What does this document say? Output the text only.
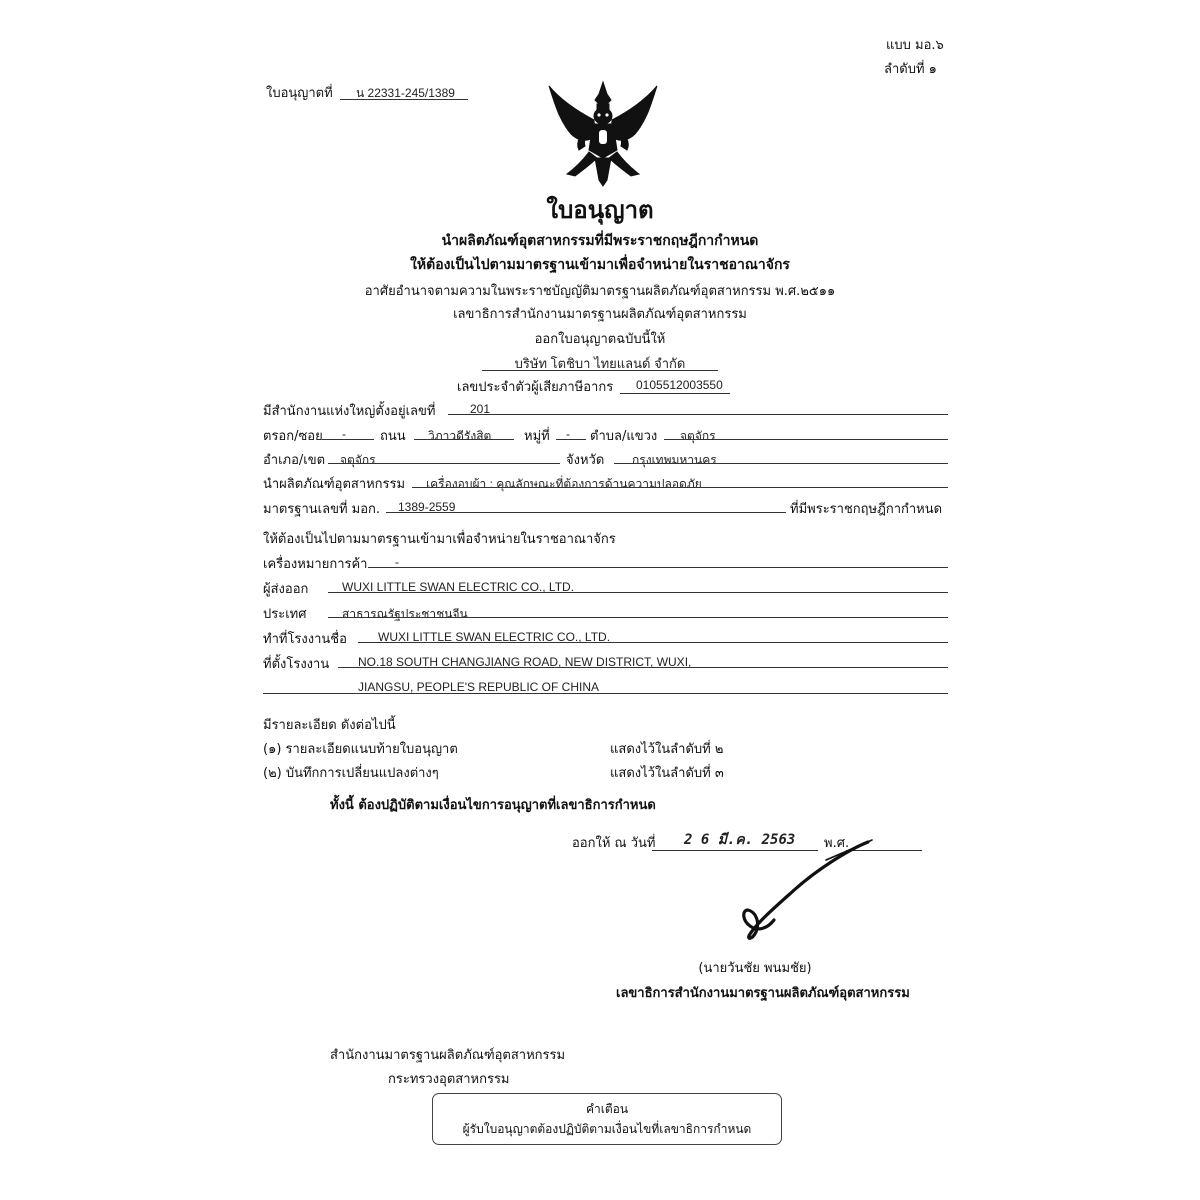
แบบ มอ.๖
ลำดับที่ ๑
ใบอนุญาตที่ น 22331-245/1389
ใบอนุญาต
นำผลิตภัณฑ์อุตสาหกรรมที่มีพระราชกฤษฎีกากำหนด
ให้ต้องเป็นไปตามมาตรฐานเข้ามาเพื่อจำหน่ายในราชอาณาจักร
อาศัยอำนาจตามความในพระราชบัญญัติมาตรฐานผลิตภัณฑ์อุตสาหกรรม พ.ศ.๒๕๑๑
เลขาธิการสำนักงานมาตรฐานผลิตภัณฑ์อุตสาหกรรม
ออกใบอนุญาตฉบับนี้ให้
บริษัท โตชิบา ไทยแลนด์ จำกัด
เลขประจำตัวผู้เสียภาษีอากร 0105512003550
มีสำนักงานแห่งใหญ่ตั้งอยู่เลขที่	201
ตรอก/ซอย -	ถนน วิภาวดีรังสิต	หมู่ที่ - ตำบล/แขวง จตุจักร
อำเภอ/เขต จตุจักร	จังหวัด กรุงเทพมหานคร
นำผลิตภัณฑ์อุตสาหกรรม เครื่องอบผ้า : คุณลักษณะที่ต้องการด้านความปลอดภัย
มาตรฐานเลขที่ มอก. 1389-2559	ที่มีพระราชกฤษฎีกากำหนด
ให้ต้องเป็นไปตามมาตรฐานเข้ามาเพื่อจำหน่ายในราชอาณาจักร
เครื่องหมายการค้า -
ผู้ส่งออก	WUXI LITTLE SWAN ELECTRIC CO., LTD.
ประเทศ	สาธารณรัฐประชาชนจีน
ทำที่โรงงานชื่อ	WUXI LITTLE SWAN ELECTRIC CO., LTD.
ที่ตั้งโรงงาน NO.18 SOUTH CHANGJIANG ROAD, NEW DISTRICT, WUXI,
JIANGSU, PEOPLE'S REPUBLIC OF CHINA
มีรายละเอียด ดังต่อไปนี้
(๑) รายละเอียดแนบท้ายใบอนุญาต	แสดงไว้ในลำดับที่ ๒
(๒) บันทึกการเปลี่ยนแปลงต่างๆ	แสดงไว้ในลำดับที่ ๓
ทั้งนี้ ต้องปฏิบัติตามเงื่อนไขการอนุญาตที่เลขาธิการกำหนด
ออกให้ ณ วันที่ 2 6 มี.ค. 2563 พ.ศ.
(นายวันชัย พนมชัย)
เลขาธิการสำนักงานมาตรฐานผลิตภัณฑ์อุตสาหกรรม
สำนักงานมาตรฐานผลิตภัณฑ์อุตสาหกรรม
กระทรวงอุตสาหกรรม
คำเตือน
ผู้รับใบอนุญาตต้องปฏิบัติตามเงื่อนไขที่เลขาธิการกำหนด
